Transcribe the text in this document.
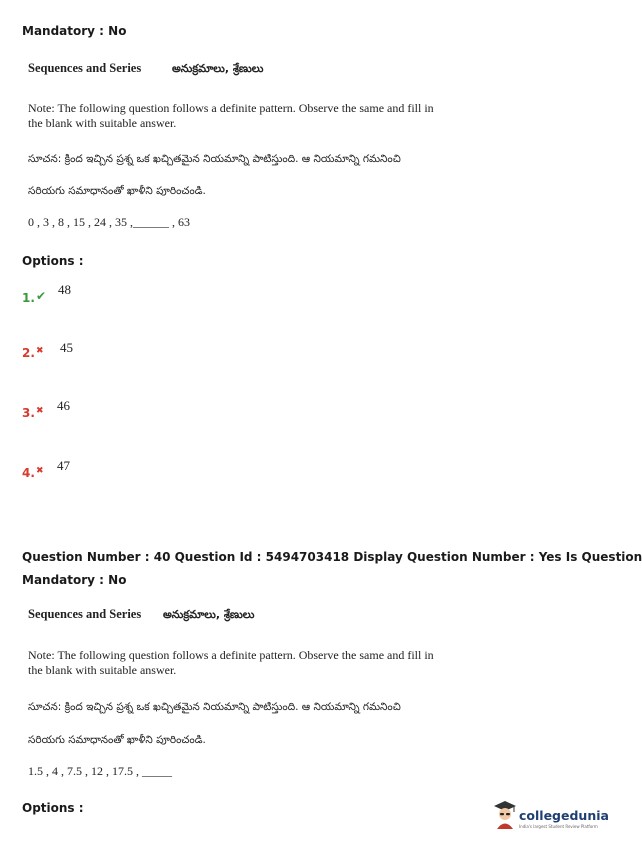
Mandatory : No
Sequences and Series	అనుక్రమాలు, శ్రేణులు
Note: The following question follows a definite pattern. Observe the same and fill in the blank with suitable answer.
సూచన: క్రింద ఇచ్చిన ప్రశ్న ఒక ఖచ్చితమైన నియమాన్ని పాటిస్తుంది. ఆ నియమాన్ని గమనించి
సరియగు సమాధానంతో ఖాళీని పూరించండి.
0 , 3 , 8 , 15 , 24 , 35 ,______ , 63
Options :
1. ✔ 48
2. ✖ 45
3. ✖ 46
4. ✖ 47
Question Number : 40 Question Id : 5494703418 Display Question Number : Yes Is Question
Mandatory : No
Sequences and Series అనుక్రమాలు, శ్రేణులు
Note: The following question follows a definite pattern. Observe the same and fill in the blank with suitable answer.
సూచన: క్రింద ఇచ్చిన ప్రశ్న ఒక ఖచ్చితమైన నియమాన్ని పాటిస్తుంది. ఆ నియమాన్ని గమనించి
సరియగు సమాధానంతో ఖాళీని పూరించండి.
1.5 , 4 , 7.5 , 12 , 17.5 , _____
Options :	collegedunia
India's largest Student Review Platform
